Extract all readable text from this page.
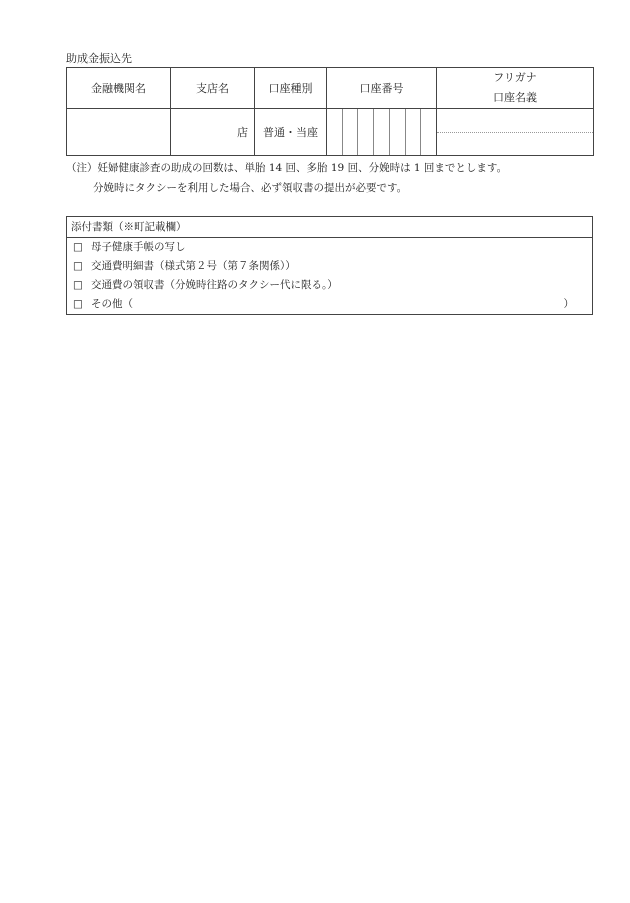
助成金振込先
金融機関名	支店名	口座種別	口座番号	フリガナ
口座名義

	店	普通・当座	

（注）妊婦健康診査の助成の回数は、単胎 14 回、多胎 19 回、分娩時は 1 回までとします。
分娩時にタクシーを利用した場合、必ず領収書の提出が必要です。
添付書類（※町記載欄）
□ 母子健康手帳の写し
□ 交通費明細書（様式第２号（第７条関係））
□ 交通費の領収書（分娩時往路のタクシー代に限る。）
□ その他（	）
